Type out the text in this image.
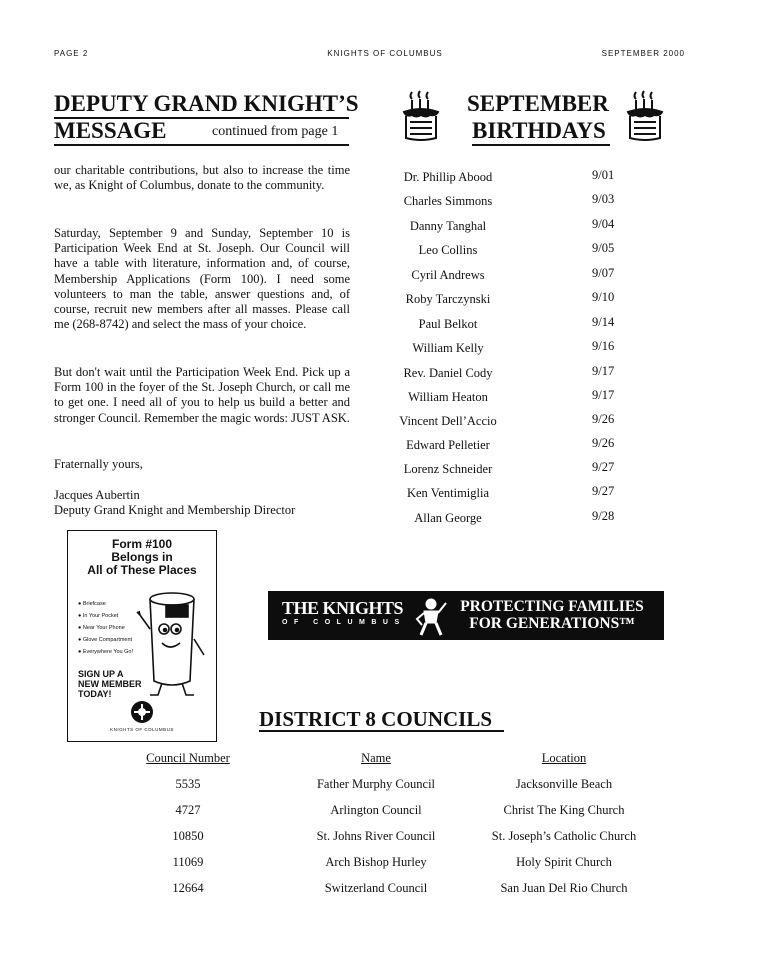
PAGE 2	KNIGHTS OF COLUMBUS	SEPTEMBER 2000
DEPUTY GRAND KNIGHT’S
MESSAGE	continued from page 1
our charitable contributions, but also to increase the time we, as Knight of Columbus, donate to the community.
Saturday, September 9 and Sunday, September 10 is Participation Week End at St. Joseph. Our Council will have a table with literature, information and, of course, Membership Applications (Form 100). I need some volunteers to man the table, answer questions and, of course, recruit new members after all masses. Please call me (268-8742) and select the mass of your choice.
But don't wait until the Participation Week End. Pick up a Form 100 in the foyer of the St. Joseph Church, or call me to get one. I need all of you to help us build a better and stronger Council. Remember the magic words: JUST ASK.
Fraternally yours,
Jacques Aubertin
Deputy Grand Knight and Membership Director
SEPTEMBER
BIRTHDAYS
Dr. Phillip Abood	9/01
Charles Simmons	9/03
Danny Tanghal	9/04
Leo Collins	9/05
Cyril Andrews	9/07
Roby Tarczynski	9/10
Paul Belkot	9/14
William Kelly	9/16
Rev. Daniel Cody	9/17
William Heaton	9/17
Vincent Dell’Accio	9/26
Edward Pelletier	9/26
Lorenz Schneider	9/27
Ken Ventimiglia	9/27
Allan George	9/28
Form #100
Belongs in
All of These Places
● Briefcase
● In Your Pocket
● Near Your Phone
● Glove Compartment
● Everywhere You Go!
SIGN UP A
NEW MEMBER
TODAY!
KNIGHTS OF COLUMBUS
THE KNIGHTS
OF COLUMBUS
PROTECTING FAMILIES
FOR GENERATIONS™
DISTRICT 8 COUNCILS
Council Number	Name	Location
5535	Father Murphy Council	Jacksonville Beach
4727	Arlington Council	Christ The King Church
10850	St. Johns River Council	St. Joseph’s Catholic Church
11069	Arch Bishop Hurley	Holy Spirit Church
12664	Switzerland Council	San Juan Del Rio Church
